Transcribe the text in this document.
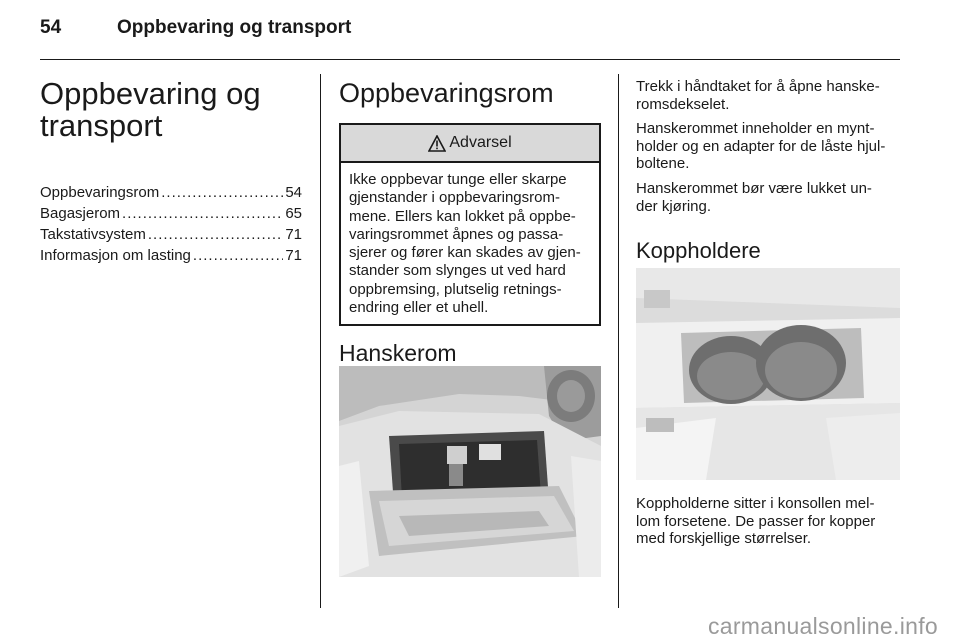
54	Oppbevaring og transport
Oppbevaring og
transport
Oppbevaringsrom .....	54
Bagasjerom .....	65
Takstativsystem .....	71
Informasjon om lasting .....	71
Oppbevaringsrom
Advarsel
Ikke oppbevar tunge eller skarpe
gjenstander i oppbevaringsrom-
mene. Ellers kan lokket på oppbe-
varingsrommet åpnes og passa-
sjerer og fører kan skades av gjen-
stander som slynges ut ved hard
oppbremsing, plutselig retnings-
endring eller et uhell.
Hanskerom

Trekk i håndtaket for å åpne hanske-
romsdekselet.

Hanskerommet inneholder en mynt-
holder og en adapter for de låste hjul-
boltene.

Hanskerommet bør være lukket un-
der kjøring.

Koppholdere
Koppholderne sitter i konsollen mel-
lom forsetene. De passer for kopper
med forskjellige størrelser.
carmanualsonline.info
